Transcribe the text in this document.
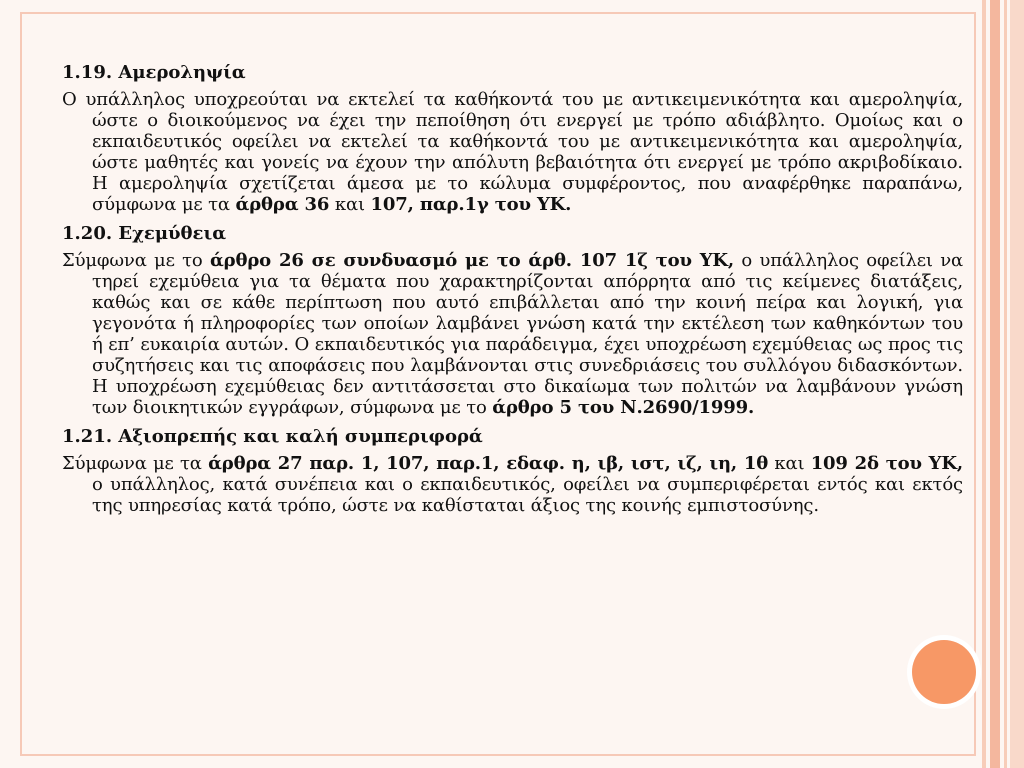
1.19. Αμεροληψία

Ο υπάλληλος υποχρεούται να εκτελεί τα καθήκοντά του με αντικειμενικότητα και αμεροληψία, ώστε ο διοικούμενος να έχει την πεποίθηση ότι ενεργεί με τρόπο αδιάβλητο. Ομοίως και ο εκπαιδευτικός οφείλει να εκτελεί τα καθήκοντά του με αντικειμενικότητα και αμεροληψία, ώστε μαθητές και γονείς να έχουν την απόλυτη βεβαιότητα ότι ενεργεί με τρόπο ακριβοδίκαιο. Η αμεροληψία σχετίζεται άμεσα με το κώλυμα συμφέροντος, που αναφέρθηκε παραπάνω, σύμφωνα με τα άρθρα 36 και 107, παρ.1γ του ΥΚ.

1.20. Εχεμύθεια

Σύμφωνα με το άρθρο 26 σε συνδυασμό με το άρθ. 107 1ζ του ΥΚ, ο υπάλληλος οφείλει να τηρεί εχεμύθεια για τα θέματα που χαρακτηρίζονται απόρρητα από τις κείμενες διατάξεις, καθώς και σε κάθε περίπτωση που αυτό επιβάλλεται από την κοινή πείρα και λογική, για γεγονότα ή πληροφορίες των οποίων λαμβάνει γνώση κατά την εκτέλεση των καθηκόντων του ή επ’ ευκαιρία αυτών. Ο εκπαιδευτικός για παράδειγμα, έχει υποχρέωση εχεμύθειας ως προς τις συζητήσεις και τις αποφάσεις που λαμβάνονται στις συνεδριάσεις του συλλόγου διδασκόντων. Η υποχρέωση εχεμύθειας δεν αντιτάσσεται στο δικαίωμα των πολιτών να λαμβάνουν γνώση των διοικητικών εγγράφων, σύμφωνα με το άρθρο 5 του Ν.2690/1999.

1.21. Αξιοπρεπής και καλή συμπεριφορά

Σύμφωνα με τα άρθρα 27 παρ. 1, 107, παρ.1, εδαφ. η, ιβ, ιστ, ιζ, ιη, 1θ και 109 2δ του ΥΚ, ο υπάλληλος, κατά συνέπεια και ο εκπαιδευτικός, οφείλει να συμπεριφέρεται εντός και εκτός της υπηρεσίας κατά τρόπο, ώστε να καθίσταται άξιος της κοινής εμπιστοσύνης.
